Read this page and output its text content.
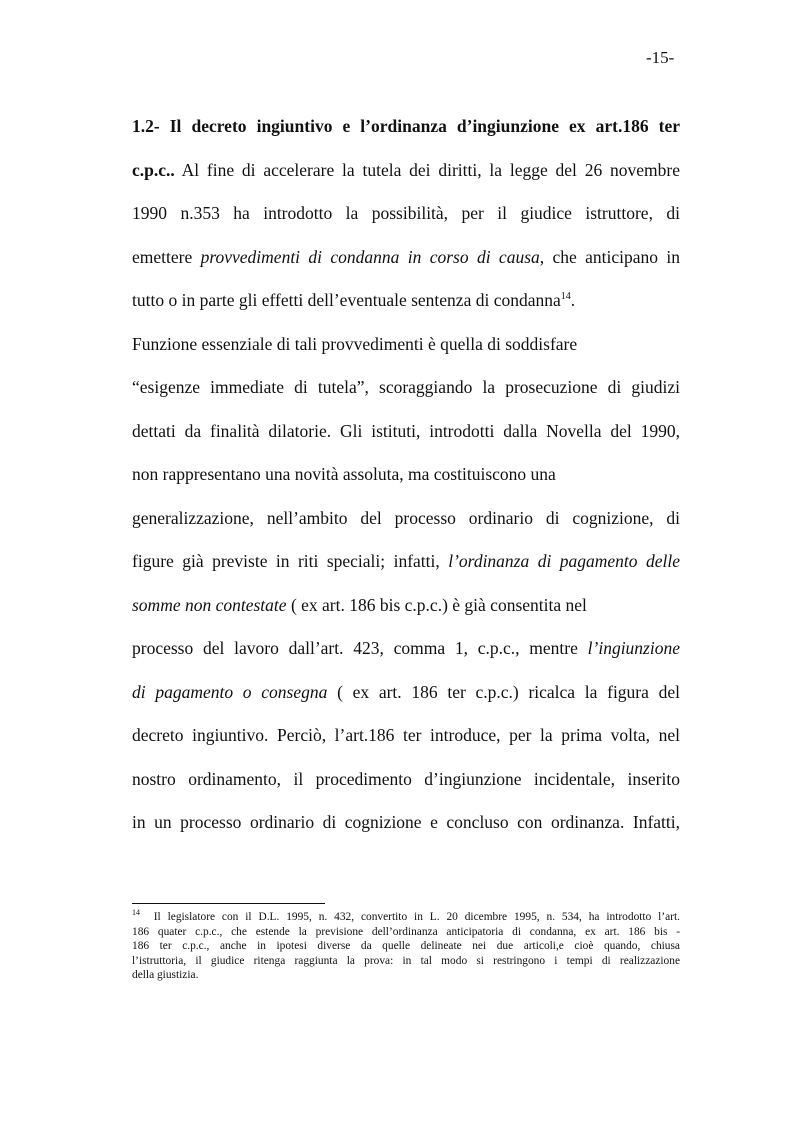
-15-
1.2- Il decreto ingiuntivo e l’ordinanza d’ingiunzione ex art.186 ter
c.p.c.. Al fine di accelerare la tutela dei diritti, la legge del 26 novembre
1990 n.353 ha introdotto la possibilità, per il giudice istruttore, di
emettere provvedimenti di condanna in corso di causa, che anticipano in
tutto o in parte gli effetti dell’eventuale sentenza di condanna$^{14}$.
Funzione essenziale di tali provvedimenti è quella di soddisfare
“esigenze immediate di tutela”, scoraggiando la prosecuzione di giudizi
dettati da finalità dilatorie. Gli istituti, introdotti dalla Novella del 1990,
non rappresentano una novità assoluta, ma costituiscono una
generalizzazione, nell’ambito del processo ordinario di cognizione, di
figure già previste in riti speciali; infatti, l’ordinanza di pagamento delle
somme non contestate ( ex art. 186 bis c.p.c.) è già consentita nel
processo del lavoro dall’art. 423, comma 1, c.p.c., mentre l’ingiunzione
di pagamento o consegna ( ex art. 186 ter c.p.c.) ricalca la figura del
decreto ingiuntivo. Perciò, l’art.186 ter introduce, per la prima volta, nel
nostro ordinamento, il procedimento d’ingiunzione incidentale, inserito
in un processo ordinario di cognizione e concluso con ordinanza. Infatti,
$^{14}$ Il legislatore con il D.L. 1995, n. 432, convertito in L. 20 dicembre 1995, n. 534, ha introdotto l’art.
186 quater c.p.c., che estende la previsione dell’ordinanza anticipatoria di condanna, ex art. 186 bis -
186 ter c.p.c., anche in ipotesi diverse da quelle delineate nei due articoli,e cioè quando, chiusa
l’istruttoria, il giudice ritenga raggiunta la prova: in tal modo si restringono i tempi di realizzazione
della giustizia.
